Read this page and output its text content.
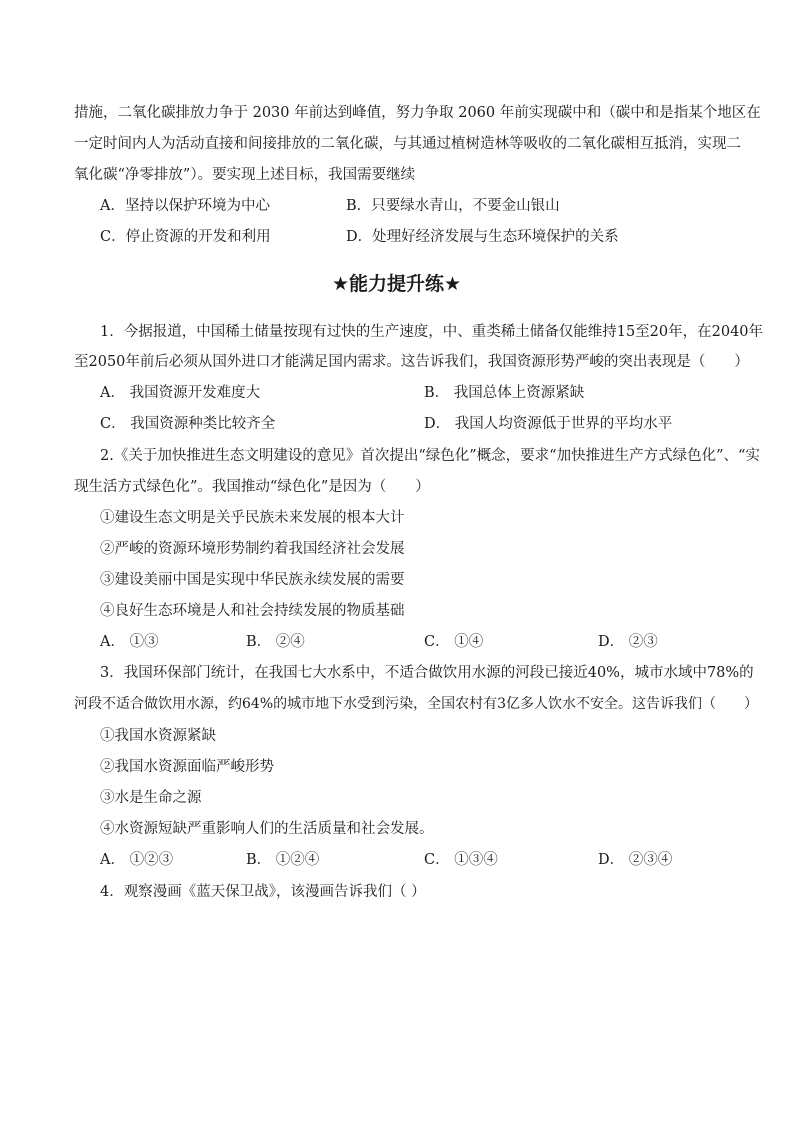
措施，二氧化碳排放力争于 2030 年前达到峰值，努力争取 2060 年前实现碳中和（碳中和是指某个地区在
一定时间内人为活动直接和间接排放的二氧化碳，与其通过植树造林等吸收的二氧化碳相互抵消，实现二
氧化碳“净零排放”）。要实现上述目标，我国需要继续
A．坚持以保护环境为中心	B．只要绿水青山，不要金山银山
C．停止资源的开发和利用	D．处理好经济发展与生态环境保护的关系
★能力提升练★
1．今据报道，中国稀土储量按现有过快的生产速度，中、重类稀土储备仅能维持15至20年，在2040年
至2050年前后必须从国外进口才能满足国内需求。这告诉我们，我国资源形势严峻的突出表现是（　　）
A． 我国资源开发难度大	B． 我国总体上资源紧缺
C． 我国资源种类比较齐全	D． 我国人均资源低于世界的平均水平
2.《关于加快推进生态文明建设的意见》首次提出“绿色化”概念，要求“加快推进生产方式绿色化”、“实
现生活方式绿色化”。我国推动“绿色化”是因为（　　）
①建设生态文明是关乎民族未来发展的根本大计
②严峻的资源环境形势制约着我国经济社会发展
③建设美丽中国是实现中华民族永续发展的需要
④良好生态环境是人和社会持续发展的物质基础
A． ①③	B． ②④	C． ①④	D． ②③
3．我国环保部门统计，在我国七大水系中，不适合做饮用水源的河段已接近40%，城市水域中78%的
河段不适合做饮用水源，约64%的城市地下水受到污染，全国农村有3亿多人饮水不安全。这告诉我们（　　）
①我国水资源紧缺
②我国水资源面临严峻形势
③水是生命之源
④水资源短缺严重影响人们的生活质量和社会发展。
A． ①②③	B． ①②④	C． ①③④	D． ②③④
4．观察漫画《蓝天保卫战》，该漫画告诉我们（ ）
